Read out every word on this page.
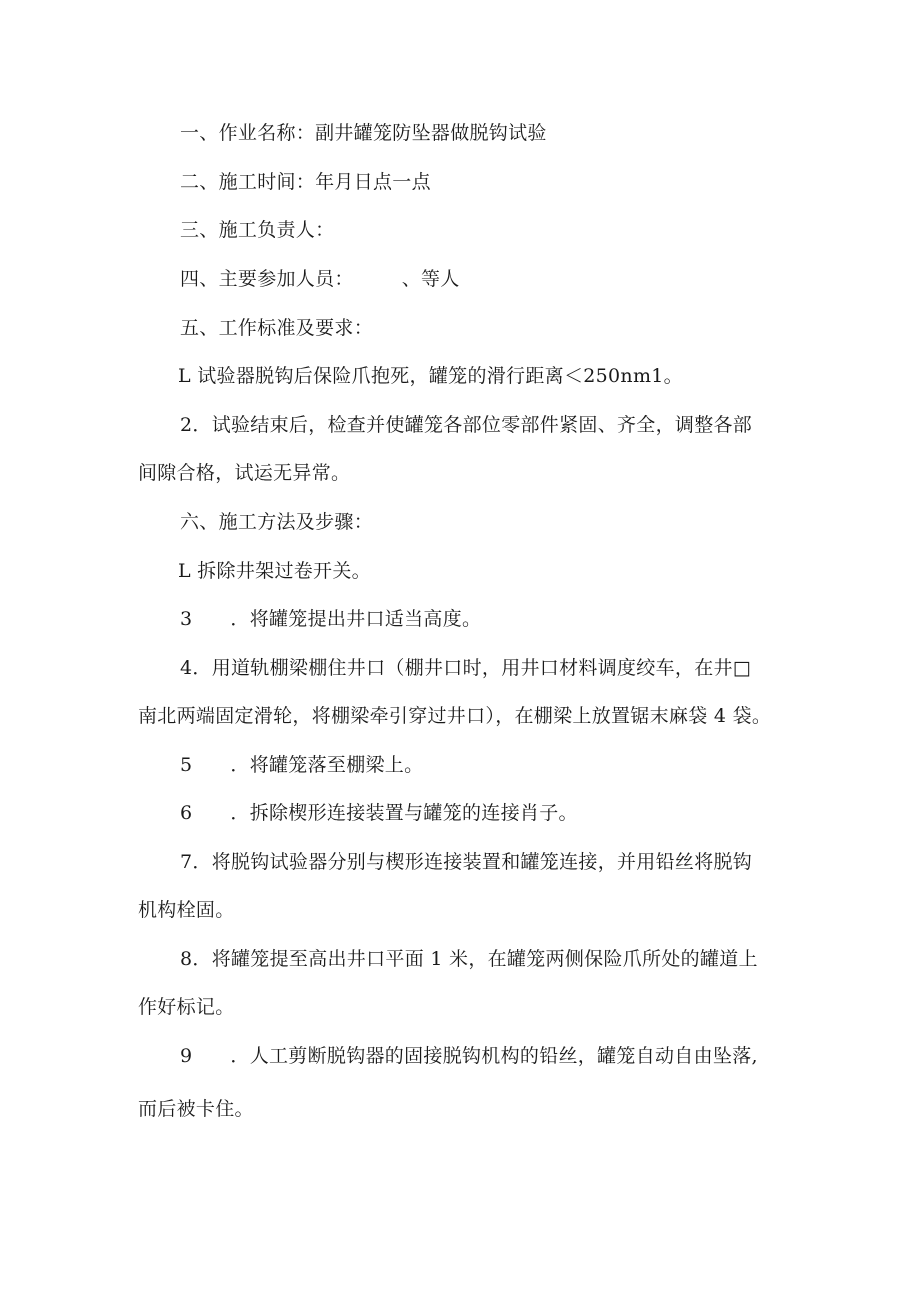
一、作业名称：副井罐笼防坠器做脱钩试验
二、施工时间：年月日点一点
三、施工负责人：
四、主要参加人员：	、等人
五、工作标准及要求：
L 试验器脱钩后保险爪抱死，罐笼的滑行距离＜250nm1。
2．试验结束后，检查并使罐笼各部位零部件紧固、齐全，调整各部
间隙合格，试运无异常。
六、施工方法及步骤：
L 拆除井架过卷开关。
3 ．将罐笼提出井口适当高度。
4．用道轨棚梁棚住井口（棚井口时，用井口材料调度绞车，在井□
南北两端固定滑轮，将棚梁牵引穿过井口），在棚梁上放置锯末麻袋 4 袋。
5 ．将罐笼落至棚梁上。
6 ．拆除楔形连接装置与罐笼的连接肖子。
7．将脱钩试验器分别与楔形连接装置和罐笼连接，并用铅丝将脱钩
机构栓固。
8．将罐笼提至高出井口平面 1 米，在罐笼两侧保险爪所处的罐道上
作好标记。
9 ．人工剪断脱钩器的固接脱钩机构的铅丝，罐笼自动自由坠落,
而后被卡住。
